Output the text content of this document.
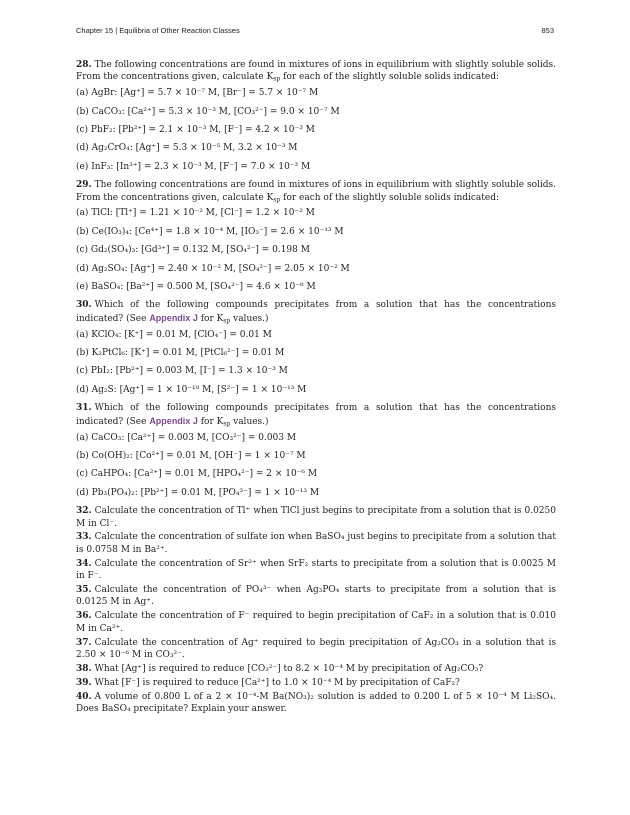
Chapter 15 | Equilibria of Other Reaction Classes	853

28. The following concentrations are found in mixtures of ions in equilibrium with slightly soluble solids. From the concentrations given, calculate $K_{sp}$ for each of the slightly soluble solids indicated:

(a) AgBr: [Ag⁺] = 5.7 × 10⁻⁷ M, [Br⁻] = 5.7 × 10⁻⁷ M

(b) CaCO₃: [Ca²⁺] = 5.3 × 10⁻³ M, [CO₃²⁻] = 9.0 × 10⁻⁷ M

(c) PbF₂: [Pb²⁺] = 2.1 × 10⁻³ M, [F⁻] = 4.2 × 10⁻³ M

(d) Ag₂CrO₄: [Ag⁺] = 5.3 × 10⁻⁵ M, 3.2 × 10⁻³ M

(e) InF₃: [In³⁺] = 2.3 × 10⁻³ M, [F⁻] = 7.0 × 10⁻³ M

29. The following concentrations are found in mixtures of ions in equilibrium with slightly soluble solids. From the concentrations given, calculate $K_{sp}$ for each of the slightly soluble solids indicated:

(a) TlCl: [Tl⁺] = 1.21 × 10⁻² M, [Cl⁻] = 1.2 × 10⁻² M

(b) Ce(IO₃)₄: [Ce⁴⁺] = 1.8 × 10⁻⁴ M, [IO₃⁻] = 2.6 × 10⁻¹³ M

(c) Gd₂(SO₄)₃: [Gd³⁺] = 0.132 M, [SO₄²⁻] = 0.198 M

(d) Ag₂SO₄: [Ag⁺] = 2.40 × 10⁻² M, [SO₄²⁻] = 2.05 × 10⁻² M

(e) BaSO₄: [Ba²⁺] = 0.500 M, [SO₄²⁻] = 4.6 × 10⁻⁸ M

30. Which of the following compounds precipitates from a solution that has the concentrations indicated? (See Appendix J for $K_{sp}$ values.)

(a) KClO₄: [K⁺] = 0.01 M, [ClO₄⁻] = 0.01 M

(b) K₂PtCl₆: [K⁺] = 0.01 M, [PtCl₆²⁻] = 0.01 M

(c) PbI₂: [Pb²⁺] = 0.003 M, [I⁻] = 1.3 × 10⁻³ M

(d) Ag₂S: [Ag⁺] = 1 × 10⁻¹⁰ M, [S²⁻] = 1 × 10⁻¹³ M

31. Which of the following compounds precipitates from a solution that has the concentrations indicated? (See Appendix J for $K_{sp}$ values.)

(a) CaCO₃: [Ca²⁺] = 0.003 M, [CO₃²⁻] = 0.003 M

(b) Co(OH)₂: [Co²⁺] = 0.01 M, [OH⁻] = 1 × 10⁻⁷ M

(c) CaHPO₄: [Ca²⁺] = 0.01 M, [HPO₄²⁻] = 2 × 10⁻⁶ M

(d) Pb₃(PO₄)₂: [Pb²⁺] = 0.01 M, [PO₄³⁻] = 1 × 10⁻¹³ M

32. Calculate the concentration of Tl⁺ when TlCl just begins to precipitate from a solution that is 0.0250 M in Cl⁻.

33. Calculate the concentration of sulfate ion when BaSO₄ just begins to precipitate from a solution that is 0.0758 M in Ba²⁺.

34. Calculate the concentration of Sr²⁺ when SrF₂ starts to precipitate from a solution that is 0.0025 M in F⁻.

35. Calculate the concentration of PO₄³⁻ when Ag₃PO₄ starts to precipitate from a solution that is 0.0125 M in Ag⁺.

36. Calculate the concentration of F⁻ required to begin precipitation of CaF₂ in a solution that is 0.010 M in Ca²⁺.

37. Calculate the concentration of Ag⁺ required to begin precipitation of Ag₂CO₃ in a solution that is 2.50 × 10⁻⁶ M in CO₃²⁻.

38. What [Ag⁺] is required to reduce [CO₃²⁻] to 8.2 × 10⁻⁴ M by precipitation of Ag₂CO₃?

39. What [F⁻] is required to reduce [Ca²⁺] to 1.0 × 10⁻⁴ M by precipitation of CaF₂?

40. A volume of 0.800 L of a 2 × 10⁻⁴-M Ba(NO₃)₂ solution is added to 0.200 L of 5 × 10⁻⁴ M Li₂SO₄. Does BaSO₄ precipitate? Explain your answer.
